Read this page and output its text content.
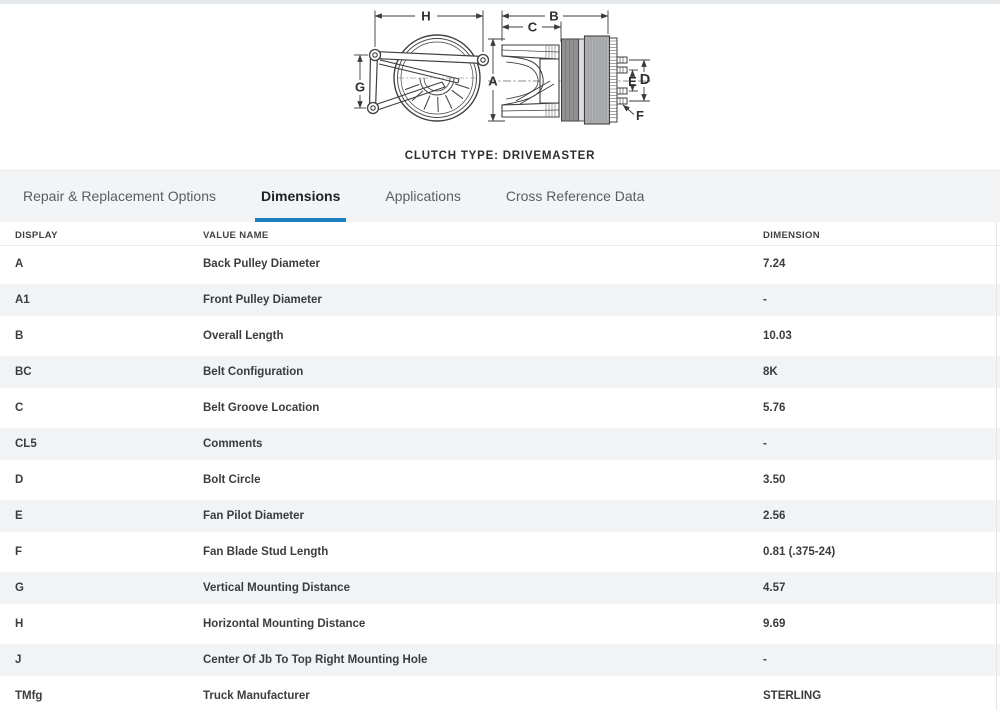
H	B
C
A
G	E D
F
CLUTCH TYPE: DRIVEMASTER
Repair & Replacement Options	Dimensions	Applications	Cross Reference Data
DISPLAY	VALUE NAME	DIMENSION
A	Back Pulley Diameter	7.24
A1	Front Pulley Diameter	-
B	Overall Length	10.03
BC	Belt Configuration	8K
C	Belt Groove Location	5.76
CL5	Comments	-
D	Bolt Circle	3.50
E	Fan Pilot Diameter	2.56
F	Fan Blade Stud Length	0.81 (.375-24)
G	Vertical Mounting Distance	4.57
H	Horizontal Mounting Distance	9.69
J	Center Of Jb To Top Right Mounting Hole	-
TMfg	Truck Manufacturer	STERLING
